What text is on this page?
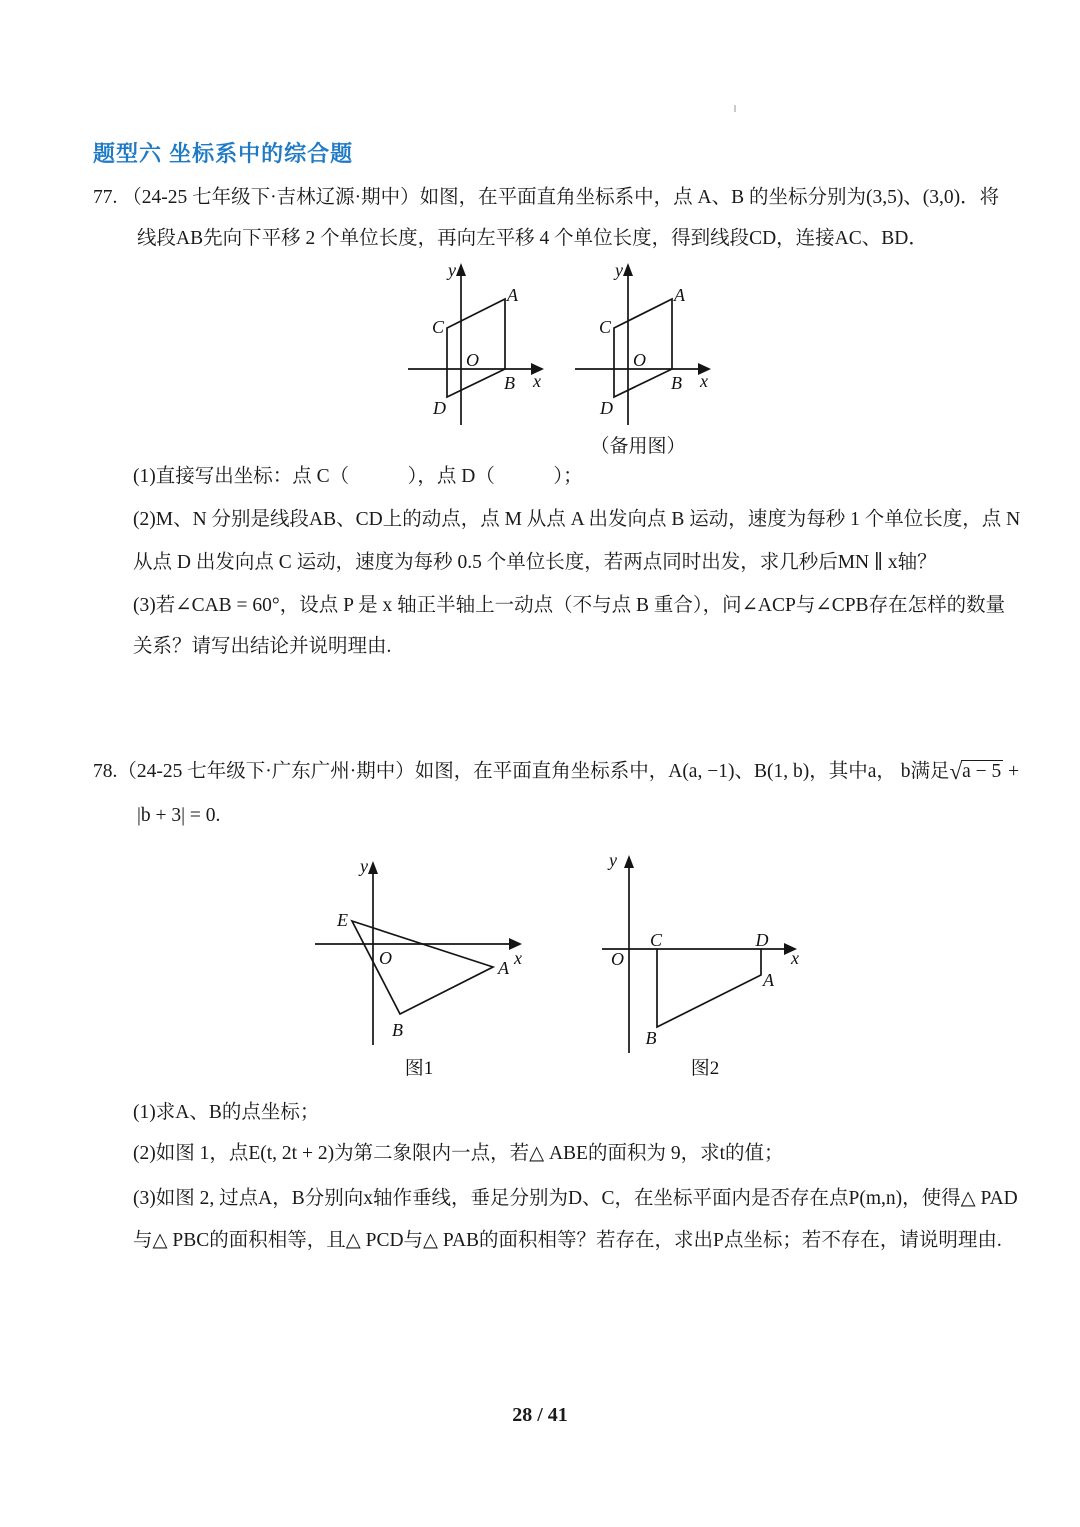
题型六 坐标系中的综合题
77. （24-25 七年级下·吉林辽源·期中）如图，在平面直角坐标系中，点 A、B 的坐标分别为(3,5)、(3,0)．将
线段AB先向下平移 2 个单位长度，再向左平移 4 个单位长度，得到线段CD，连接AC、BD．
y
A
C
O
B x
D
y
A
C
O
B x
D
（备用图）
(1)直接写出坐标：点 C（　　　），点 D（　　　）；
(2)M、N 分别是线段AB、CD上的动点，点 M 从点 A 出发向点 B 运动，速度为每秒 1 个单位长度，点 N
从点 D 出发向点 C 运动，速度为每秒 0.5 个单位长度，若两点同时出发，求几秒后MN ∥ x轴？
(3)若∠CAB = 60°，设点 P 是 x 轴正半轴上一动点（不与点 B 重合），问∠ACP与∠CPB存在怎样的数量
关系？请写出结论并说明理由.
78.（24-25 七年级下·广东广州·期中）如图，在平面直角坐标系中，A(a, −1)、B(1, b)，其中a， b满足√a − 5 +
|b + 3| = 0.
y
E
O	A x
B
图1
y
O
C	D
A
B
x
图2
(1)求A、B的点坐标；
(2)如图 1，点E(t, 2t + 2)为第二象限内一点，若△ ABE的面积为 9，求t的值；
(3)如图 2, 过点A，B分别向x轴作垂线，垂足分别为D、C，在坐标平面内是否存在点P(m,n)，使得△ PAD
与△ PBC的面积相等，且△ PCD与△ PAB的面积相等？若存在，求出P点坐标；若不存在，请说明理由.
28 / 41
